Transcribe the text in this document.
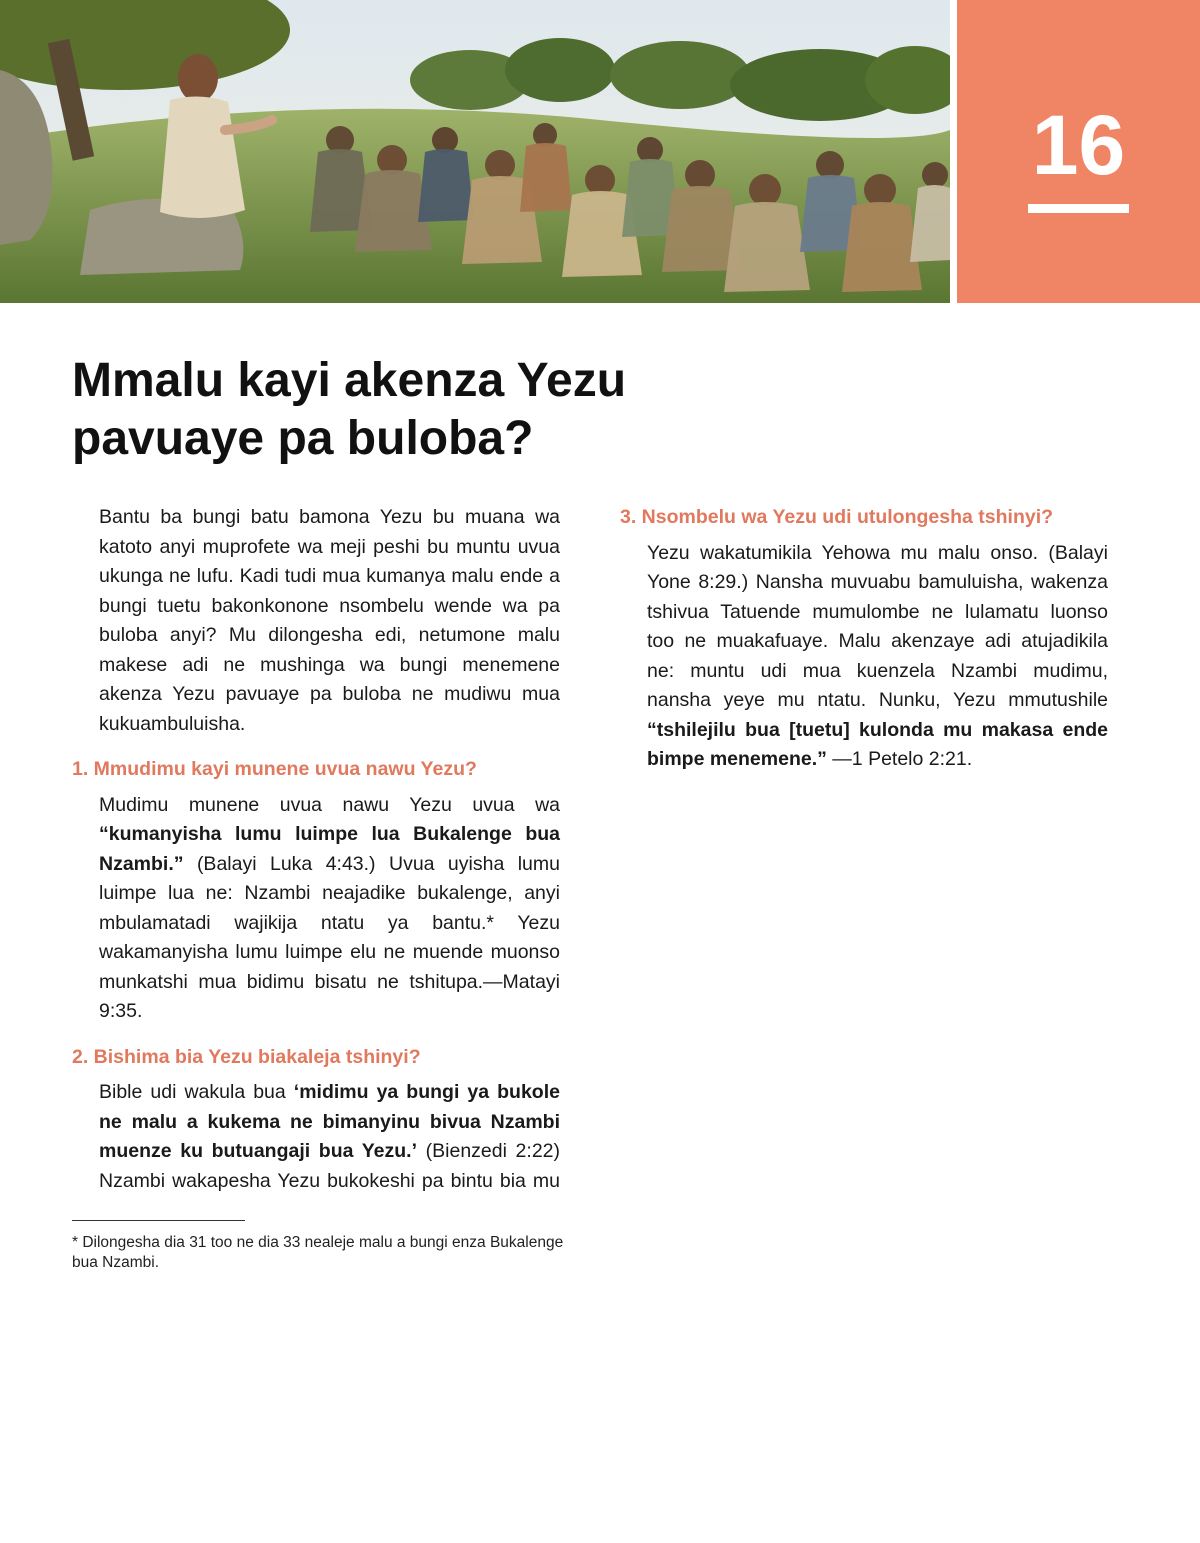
16
Mmalu kayi akenza Yezu pavuaye pa buloba?

Bantu ba bungi batu bamona Yezu bu muana wa katoto anyi muprofete wa meji peshi bu muntu uvua ukunga ne lufu. Kadi tudi mua kumanya malu ende a bungi tuetu bakonkonone nsombelu wende wa pa buloba anyi? Mu dilongesha edi, netumone malu makese adi ne mushinga wa bungi menemene akenza Yezu pavuaye pa buloba ne mudiwu mua kukuambuluisha.

1. Mmudimu kayi munene uvua nawu Yezu?

Mudimu munene uvua nawu Yezu uvua wa “kumanyisha lumu luimpe lua Bukalenge bua Nzambi.” (Balayi Luka 4:43.) Uvua uyisha lumu luimpe lua ne: Nzambi neajadike bukalenge, anyi mbulamatadi wajikija ntatu ya bantu.* Yezu wakamanyisha lumu luimpe elu ne muende muonso munkatshi mua bidimu bisatu ne tshitupa.—Matayi 9:35.

2. Bishima bia Yezu biakaleja tshinyi?

Bible udi wakula bua ‘midimu ya bungi ya bukole ne malu a kukema ne bimanyinu bivua Nzambi muenze ku butuangaji bua Yezu.’ (Bienzedi 2:22) Nzambi wakapesha Yezu bukokeshi pa bintu bia mu

3. Nsombelu wa Yezu udi utulongesha tshinyi?

Yezu wakatumikila Yehowa mu malu onso. (Balayi Yone 8:29.) Nansha muvuabu bamuluisha, wakenza tshivua Tatuende mumulombe ne lulamatu luonso too ne muakafuaye. Malu akenzaye adi atujadikila ne: muntu udi mua kuenzela Nzambi mudimu, nansha yeye mu ntatu. Nunku, Yezu mmutushile “tshilejilu bua [tuetu] kulonda mu makasa ende bimpe menemene.” —1 Petelo 2:21.

* Dilongesha dia 31 too ne dia 33 nealeje malu a bungi enza Bukalenge bua Nzambi.
